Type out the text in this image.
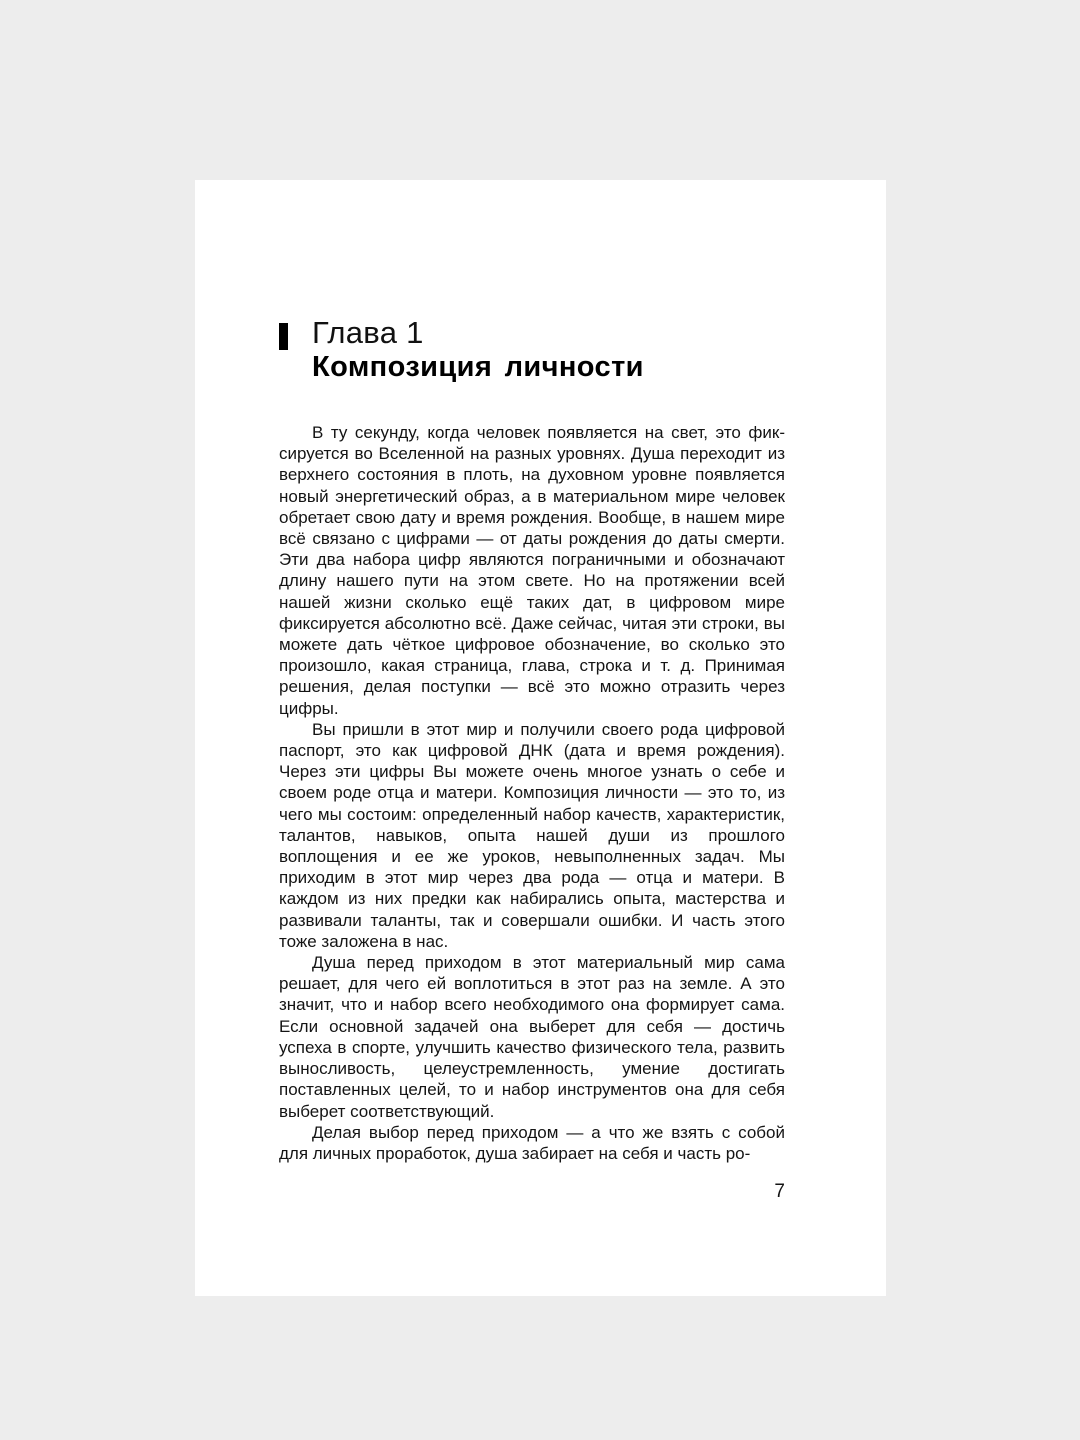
Глава 1
Композиция личности

В ту секунду, когда человек появляется на свет, это фиксируется во Вселенной на разных уровнях. Душа переходит из верхнего состояния в плоть, на духовном уровне появляется новый энергетический образ, а в материальном мире человек обретает свою дату и время рождения. Вообще, в нашем мире всё связано с цифрами — от даты рождения до даты смерти. Эти два набора цифр являются пограничными и обозначают длину нашего пути на этом свете. Но на протяжении всей нашей жизни сколько ещё таких дат, в цифровом мире фиксируется абсолютно всё. Даже сейчас, читая эти строки, вы можете дать чёткое цифровое обозначение, во сколько это произошло, какая страница, глава, строка и т. д. Принимая решения, делая поступки — всё это можно отразить через цифры.

Вы пришли в этот мир и получили своего рода цифровой паспорт, это как цифровой ДНК (дата и время рождения). Через эти цифры Вы можете очень многое узнать о себе и своем роде отца и матери. Композиция личности — это то, из чего мы состоим: определенный набор качеств, характеристик, талантов, навыков, опыта нашей души из прошлого воплощения и ее же уроков, невыполненных задач. Мы приходим в этот мир через два рода — отца и матери. В каждом из них предки как набирались опыта, мастерства и развивали таланты, так и совершали ошибки. И часть этого тоже заложена в нас.

Душа перед приходом в этот материальный мир сама решает, для чего ей воплотиться в этот раз на земле. А это значит, что и набор всего необходимого она формирует сама. Если основной задачей она выберет для себя — достичь успеха в спорте, улучшить качество физического тела, развить выносливость, целеустремленность, умение достигать поставленных целей, то и набор инструментов она для себя выберет соответствующий.

Делая выбор перед приходом — а что же взять с собой для личных проработок, душа забирает на себя и часть ро-

7
